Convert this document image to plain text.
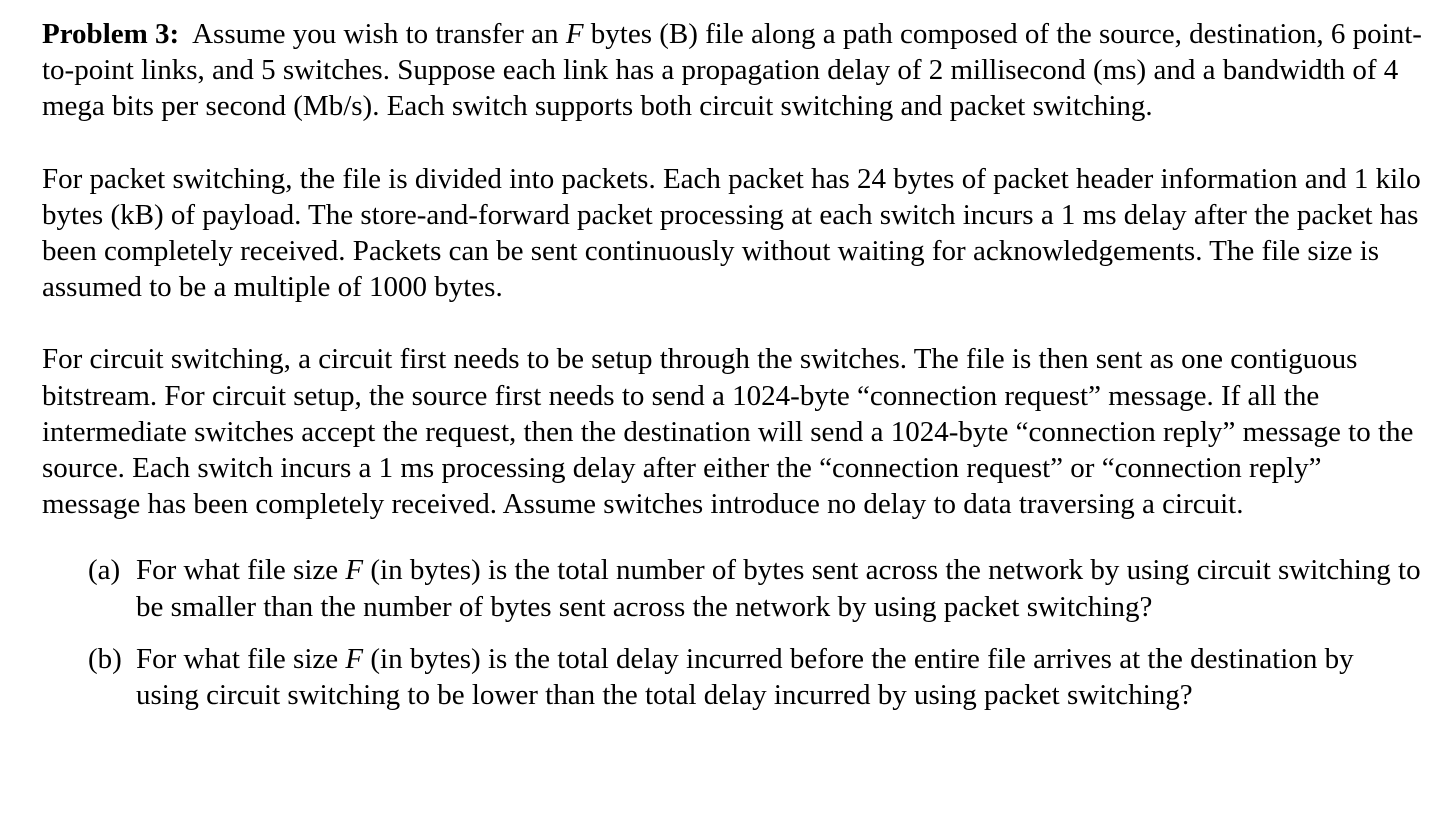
Problem 3: Assume you wish to transfer an F bytes (B) file along a path composed of the source, destination, 6 point-to-point links, and 5 switches. Suppose each link has a propagation delay of 2 millisecond (ms) and a bandwidth of 4 mega bits per second (Mb/s). Each switch supports both circuit switching and packet switching.

For packet switching, the file is divided into packets. Each packet has 24 bytes of packet header information and 1 kilo bytes (kB) of payload. The store-and-forward packet processing at each switch incurs a 1 ms delay after the packet has been completely received. Packets can be sent continuously without waiting for acknowledgements. The file size is assumed to be a multiple of 1000 bytes.

For circuit switching, a circuit first needs to be setup through the switches. The file is then sent as one contiguous bitstream. For circuit setup, the source first needs to send a 1024-byte “connection request” message. If all the intermediate switches accept the request, then the destination will send a 1024-byte “connection reply” message to the source. Each switch incurs a 1 ms processing delay after either the “connection request” or “connection reply” message has been completely received. Assume switches introduce no delay to data traversing a circuit.

(a) For what file size F (in bytes) is the total number of bytes sent across the network by using circuit switching to be smaller than the number of bytes sent across the network by using packet switching?
(b) For what file size F (in bytes) is the total delay incurred before the entire file arrives at the destination by using circuit switching to be lower than the total delay incurred by using packet switching?
